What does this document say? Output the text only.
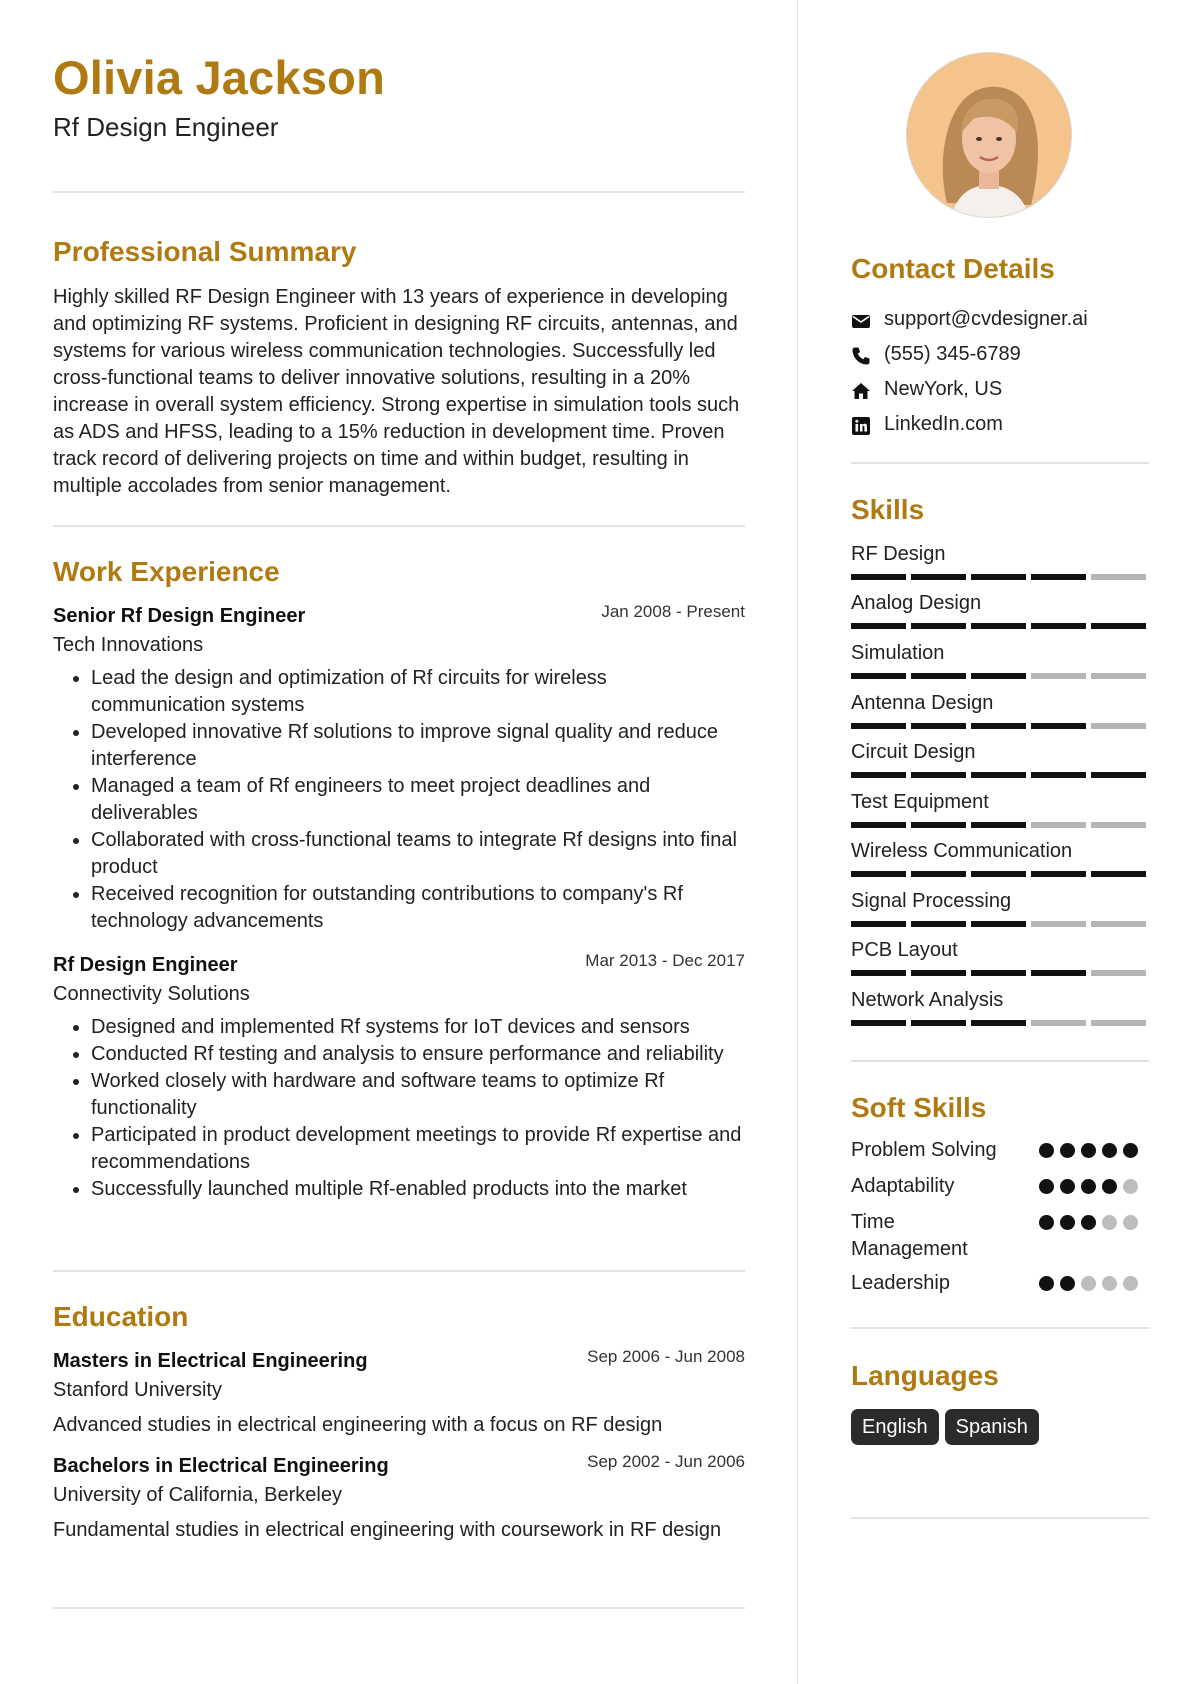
Olivia Jackson
Rf Design Engineer
Professional Summary
Highly skilled RF Design Engineer with 13 years of experience in developing and optimizing RF systems. Proficient in designing RF circuits, antennas, and systems for various wireless communication technologies. Successfully led cross-functional teams to deliver innovative solutions, resulting in a 20% increase in overall system efficiency. Strong expertise in simulation tools such as ADS and HFSS, leading to a 15% reduction in development time. Proven track record of delivering projects on time and within budget, resulting in multiple accolades from senior management.
Work Experience
Senior Rf Design Engineer	Jan 2008 - Present
Tech Innovations
• Lead the design and optimization of Rf circuits for wireless communication systems
• Developed innovative Rf solutions to improve signal quality and reduce interference
• Managed a team of Rf engineers to meet project deadlines and deliverables
• Collaborated with cross-functional teams to integrate Rf designs into final product
• Received recognition for outstanding contributions to company's Rf technology advancements
Rf Design Engineer	Mar 2013 - Dec 2017
Connectivity Solutions
• Designed and implemented Rf systems for IoT devices and sensors
• Conducted Rf testing and analysis to ensure performance and reliability
• Worked closely with hardware and software teams to optimize Rf functionality
• Participated in product development meetings to provide Rf expertise and recommendations
• Successfully launched multiple Rf-enabled products into the market
Education
Masters in Electrical Engineering	Sep 2006 - Jun 2008
Stanford University
Advanced studies in electrical engineering with a focus on RF design
Bachelors in Electrical Engineering	Sep 2002 - Jun 2006
University of California, Berkeley
Fundamental studies in electrical engineering with coursework in RF design
Contact Details
support@cvdesigner.ai
(555) 345-6789
NewYork, US
LinkedIn.com
Skills
RF Design
Analog Design
Simulation
Antenna Design
Circuit Design
Test Equipment
Wireless Communication
Signal Processing
PCB Layout
Network Analysis
Soft Skills
Problem Solving
Adaptability
Time Management
Leadership
Languages
English Spanish
